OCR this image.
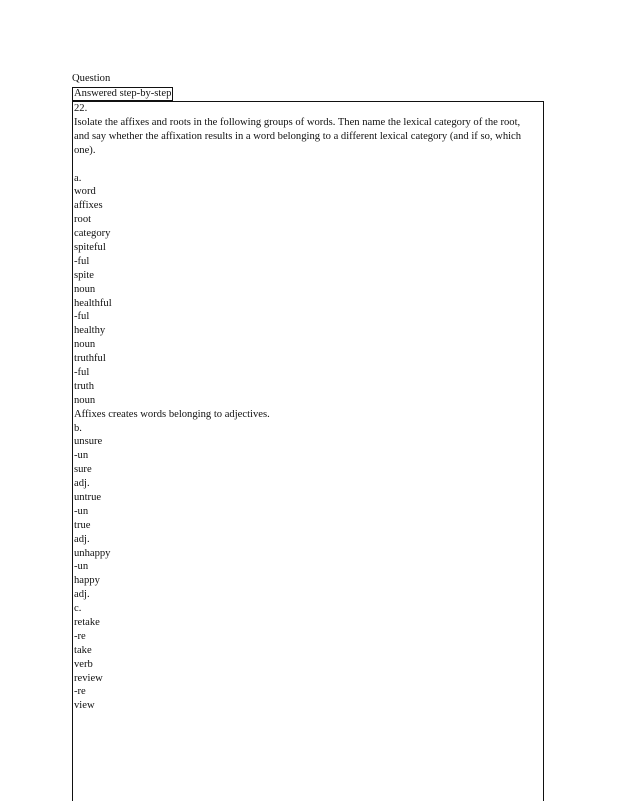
Question
Answered step-by-step
22.
Isolate the affixes and roots in the following groups of words. Then name the lexical category of the root, and say whether the affixation results in a word belonging to a different lexical category (and if so, which one).
a.
word
affixes
root
category
spiteful
-ful
spite
noun
healthful
-ful
healthy
noun
truthful
-ful
truth
noun
Affixes creates words belonging to adjectives.
b.
unsure
-un
sure
adj.
untrue
-un
true
adj.
unhappy
-un
happy
adj.
c.
retake
-re
take
verb
review
-re
view
